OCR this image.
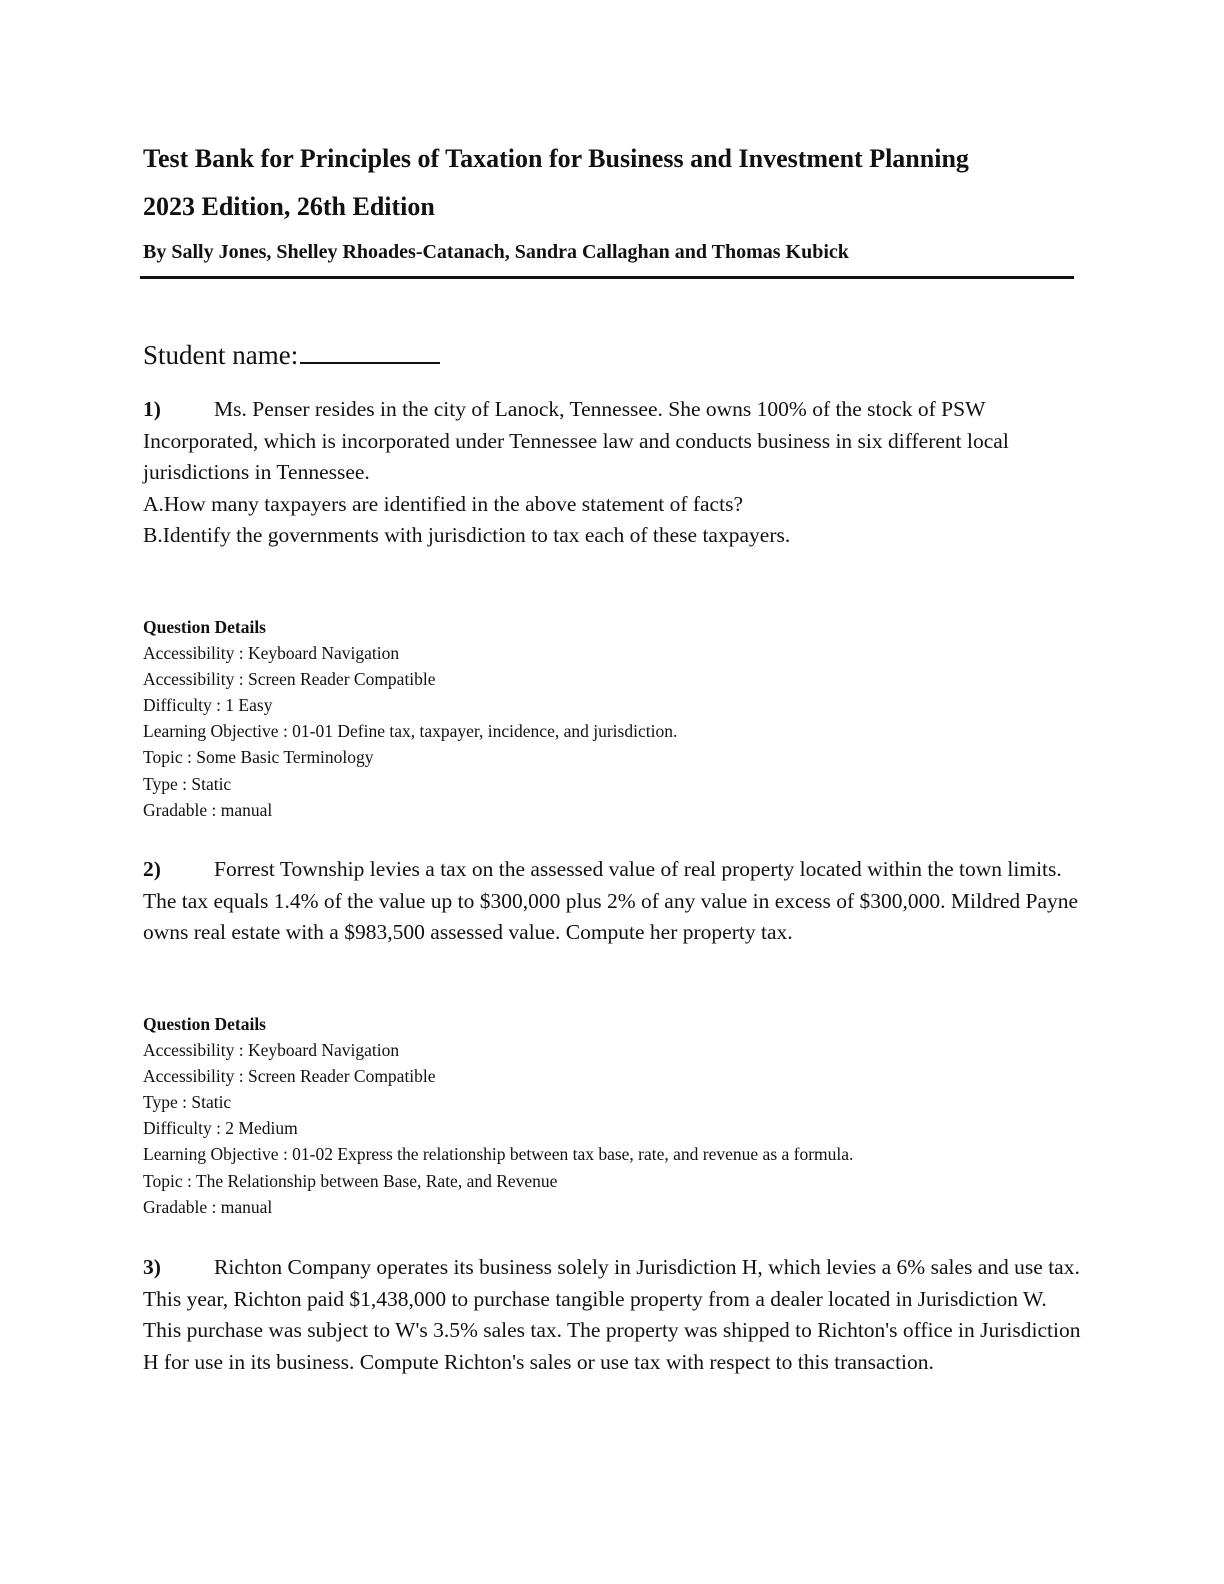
Test Bank for Principles of Taxation for Business and Investment Planning
2023 Edition, 26th Edition
By Sally Jones, Shelley Rhoades-Catanach, Sandra Callaghan and Thomas Kubick
Student name:

1) Ms. Penser resides in the city of Lanock, Tennessee. She owns 100% of the stock of PSW Incorporated, which is incorporated under Tennessee law and conducts business in six different local jurisdictions in Tennessee.

A.How many taxpayers are identified in the above statement of facts?

B.Identify the governments with jurisdiction to tax each of these taxpayers.

Question Details
Accessibility : Keyboard Navigation
Accessibility : Screen Reader Compatible
Difficulty : 1 Easy
Learning Objective : 01-01 Define tax, taxpayer, incidence, and jurisdiction.
Topic : Some Basic Terminology
Type : Static
Gradable : manual

2) Forrest Township levies a tax on the assessed value of real property located within the town limits. The tax equals 1.4% of the value up to $300,000 plus 2% of any value in excess of $300,000. Mildred Payne owns real estate with a $983,500 assessed value. Compute her property tax.

Question Details
Accessibility : Keyboard Navigation
Accessibility : Screen Reader Compatible
Type : Static
Difficulty : 2 Medium
Learning Objective : 01-02 Express the relationship between tax base, rate, and revenue as a formula.
Topic : The Relationship between Base, Rate, and Revenue
Gradable : manual

3) Richton Company operates its business solely in Jurisdiction H, which levies a 6% sales and use tax. This year, Richton paid $1,438,000 to purchase tangible property from a dealer located in Jurisdiction W. This purchase was subject to W's 3.5% sales tax. The property was shipped to Richton's office in Jurisdiction H for use in its business. Compute Richton's sales or use tax with respect to this transaction.
